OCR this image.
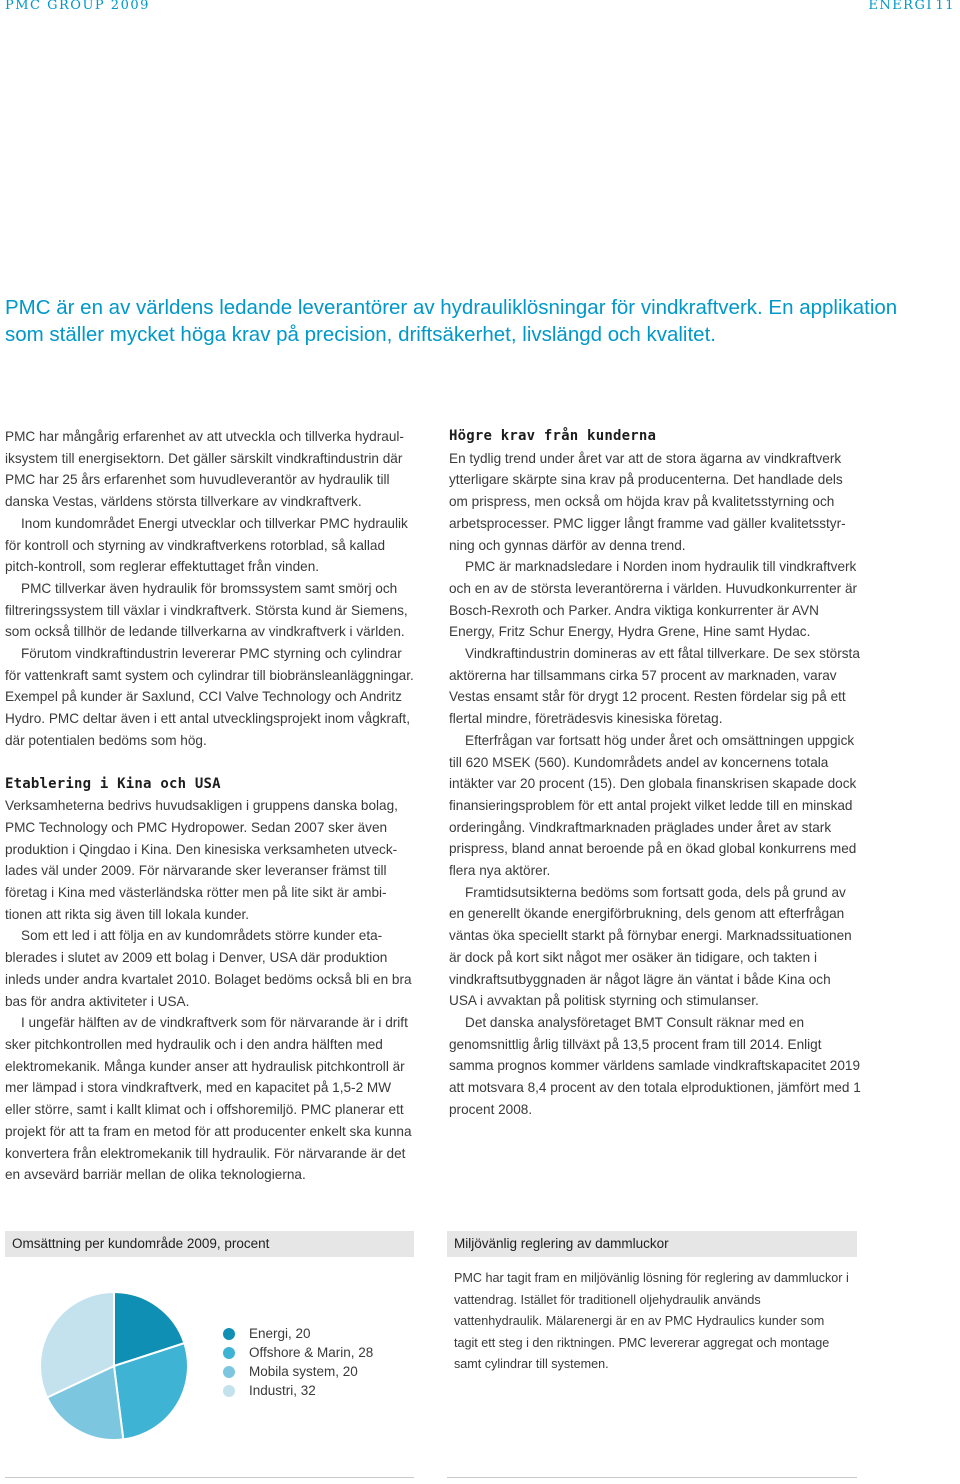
PMC GROUP 2009	ENERGI 11

PMC är en av världens ledande leverantörer av hydrauliklösningar för vindkraftverk. En applikation som ställer mycket höga krav på precision, driftsäkerhet, livslängd och kvalitet.

PMC har mångårig erfarenhet av att utveckla och tillverka hydrauliksystem till energisektorn. Det gäller särskilt vindkraftindustrin där PMC har 25 års erfarenhet som huvudleverantör av hydraulik till danska Vestas, världens största tillverkare av vindkraftverk.

Inom kundområdet Energi utvecklar och tillverkar PMC hydraulik för kontroll och styrning av vindkraftverkens rotorblad, så kallad pitch-kontroll, som reglerar effektuttaget från vinden.

PMC tillverkar även hydraulik för bromssystem samt smörj och filtreringssystem till växlar i vindkraftverk. Största kund är Siemens, som också tillhör de ledande tillverkarna av vindkraftverk i världen.

Förutom vindkraftindustrin levererar PMC styrning och cylindrar för vattenkraft samt system och cylindrar till biobränsleanläggningar. Exempel på kunder är Saxlund, CCI Valve Technology och Andritz Hydro. PMC deltar även i ett antal utvecklingsprojekt inom vågkraft, där potentialen bedöms som hög.

Etablering i Kina och USA

Verksamheterna bedrivs huvudsakligen i gruppens danska bolag, PMC Technology och PMC Hydropower. Sedan 2007 sker även produktion i Qingdao i Kina. Den kinesiska verksamheten utvecklades väl under 2009. För närvarande sker leveranser främst till företag i Kina med västerländska rötter men på lite sikt är ambitionen att rikta sig även till lokala kunder.

Som ett led i att följa en av kundområdets större kunder etablerades i slutet av 2009 ett bolag i Denver, USA där produktion inleds under andra kvartalet 2010. Bolaget bedöms också bli en bra bas för andra aktiviteter i USA.

I ungefär hälften av de vindkraftverk som för närvarande är i drift sker pitchkontrollen med hydraulik och i den andra hälften med elektromekanik. Många kunder anser att hydraulisk pitchkontroll är mer lämpad i stora vindkraftverk, med en kapacitet på 1,5-2 MW eller större, samt i kallt klimat och i offshoremiljö. PMC planerar ett projekt för att ta fram en metod för att producenter enkelt ska kunna konvertera från elektromekanik till hydraulik. För närvarande är det en avsevärd barriär mellan de olika teknologierna.

Högre krav från kunderna

En tydlig trend under året var att de stora ägarna av vindkraftverk ytterligare skärpte sina krav på producenterna. Det handlade dels om prispress, men också om höjda krav på kvalitetsstyrning och arbetsprocesser. PMC ligger långt framme vad gäller kvalitetsstyrning och gynnas därför av denna trend.

PMC är marknadsledare i Norden inom hydraulik till vindkraftverk och en av de största leverantörerna i världen. Huvudkonkurrenter är Bosch-Rexroth och Parker. Andra viktiga konkurrenter är AVN Energy, Fritz Schur Energy, Hydra Grene, Hine samt Hydac.

Vindkraftindustrin domineras av ett fåtal tillverkare. De sex största aktörerna har tillsammans cirka 57 procent av marknaden, varav Vestas ensamt står för drygt 12 procent. Resten fördelar sig på ett flertal mindre, företrädesvis kinesiska företag.

Efterfrågan var fortsatt hög under året och omsättningen uppgick till 620 MSEK (560). Kundområdets andel av koncernens totala intäkter var 20 procent (15). Den globala finanskrisen skapade dock finansieringsproblem för ett antal projekt vilket ledde till en minskad orderingång. Vindkraftmarknaden präglades under året av stark prispress, bland annat beroende på en ökad global konkurrens med flera nya aktörer.

Framtidsutsikterna bedöms som fortsatt goda, dels på grund av en generellt ökande energiförbrukning, dels genom att efterfrågan väntas öka speciellt starkt på förnybar energi. Marknadssituationen är dock på kort sikt något mer osäker än tidigare, och takten i vindkraftsutbyggnaden är något lägre än väntat i både Kina och USA i avvaktan på politisk styrning och stimulanser.

Det danska analysföretaget BMT Consult räknar med en genomsnittlig årlig tillväxt på 13,5 procent fram till 2014. Enligt samma prognos kommer världens samlade vindkraftskapacitet 2019 att motsvara 8,4 procent av den totala elproduktionen, jämfört med 1 procent 2008.

Omsättning per kundområde 2009, procent
Energi, 20
Offshore & Marin, 28
Mobila system, 20
Industri, 32
Miljövänlig reglering av dammluckor
PMC har tagit fram en miljövänlig lösning för reglering av dammluckor i vattendrag. Istället för traditionell oljehydraulik används vattenhydraulik. Mälarenergi är en av PMC Hydraulics kunder som tagit ett steg i den riktningen. PMC levererar aggregat och montage samt cylindrar till systemen.
